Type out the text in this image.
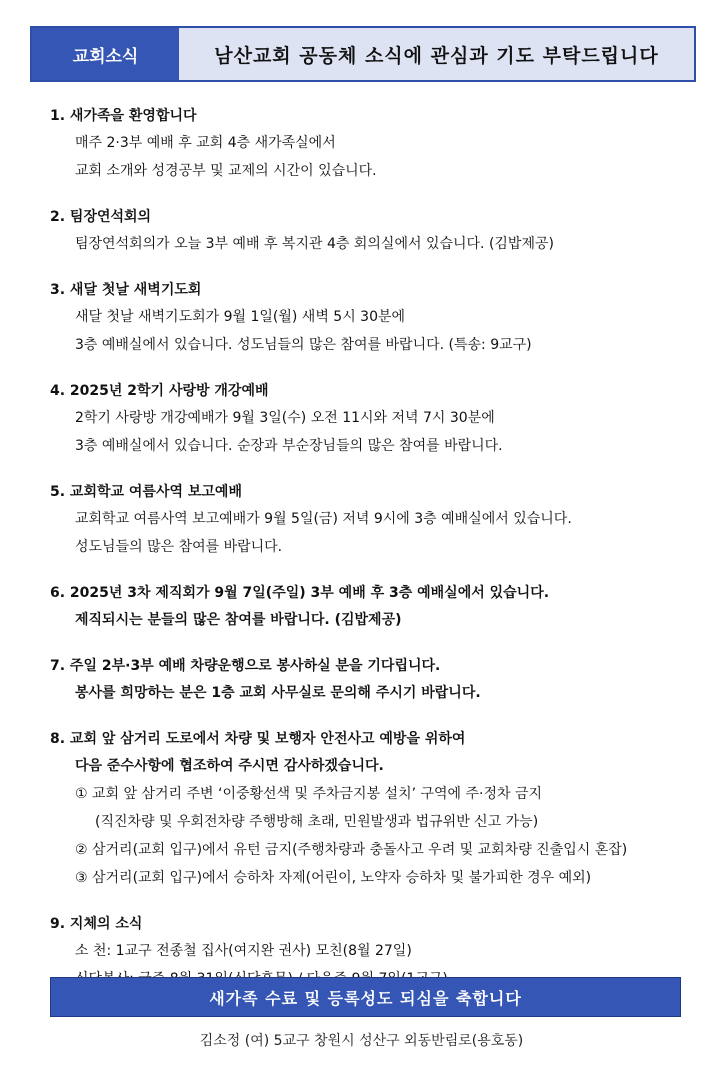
교회소식	남산교회 공동체 소식에 관심과 기도 부탁드립니다
1. 새가족을 환영합니다
매주 2·3부 예배 후 교회 4층 새가족실에서
교회 소개와 성경공부 및 교제의 시간이 있습니다.
2. 팀장연석회의
팀장연석회의가 오늘 3부 예배 후 복지관 4층 회의실에서 있습니다. (김밥제공)
3. 새달 첫날 새벽기도회
새달 첫날 새벽기도회가 9월 1일(월) 새벽 5시 30분에
3층 예배실에서 있습니다. 성도님들의 많은 참여를 바랍니다. (특송: 9교구)
4. 2025년 2학기 사랑방 개강예배
2학기 사랑방 개강예배가 9월 3일(수) 오전 11시와 저녁 7시 30분에
3층 예배실에서 있습니다. 순장과 부순장님들의 많은 참여를 바랍니다.
5. 교회학교 여름사역 보고예배
교회학교 여름사역 보고예배가 9월 5일(금) 저녁 9시에 3층 예배실에서 있습니다.
성도님들의 많은 참여를 바랍니다.
6. 2025년 3차 제직회가 9월 7일(주일) 3부 예배 후 3층 예배실에서 있습니다.
제직되시는 분들의 많은 참여를 바랍니다. (김밥제공)
7. 주일 2부·3부 예배 차량운행으로 봉사하실 분을 기다립니다.
봉사를 희망하는 분은 1층 교회 사무실로 문의해 주시기 바랍니다.
8. 교회 앞 삼거리 도로에서 차량 및 보행자 안전사고 예방을 위하여
다음 준수사항에 협조하여 주시면 감사하겠습니다.
① 교회 앞 삼거리 주변 ‘이중황선색 및 주차금지봉 설치’ 구역에 주·정차 금지
(직진차량 및 우회전차량 주행방해 초래, 민원발생과 법규위반 신고 가능)
② 삼거리(교회 입구)에서 유턴 금지(주행차량과 충돌사고 우려 및 교회차량 진출입시 혼잡)
③ 삼거리(교회 입구)에서 승하차 자제(어린이, 노약자 승하차 및 불가피한 경우 예외)
9. 지체의 소식
소 천: 1교구 전종철 집사(여지완 권사) 모친(8월 27일)
새가족 수료 및 등록성도 되심을 축합니다
김소정 (여) 5교구 창원시 성산구 외동반림로(용호동)
